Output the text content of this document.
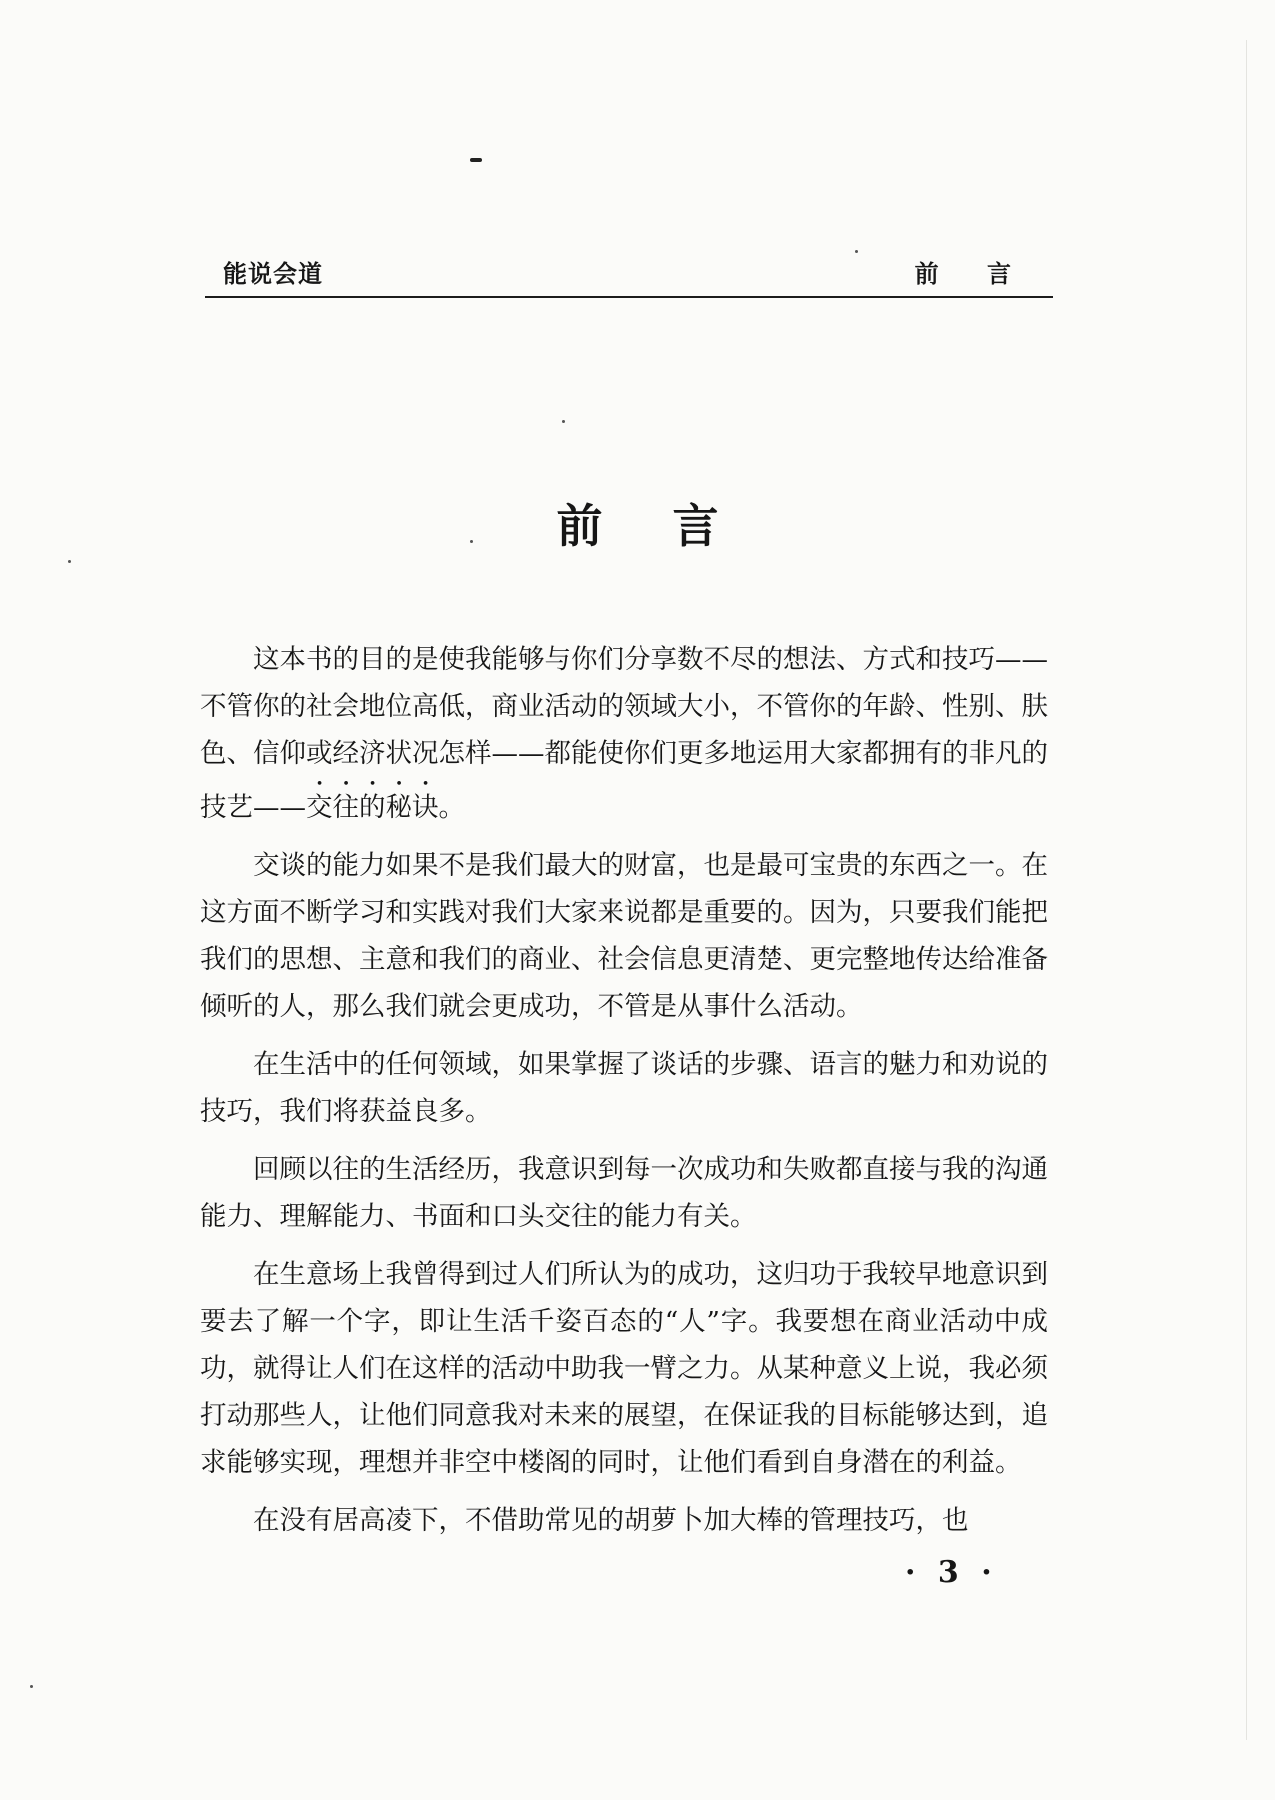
能说会道	前 言
前言

这本书的目的是使我能够与你们分享数不尽的想法、方式和技巧——不管你的社会地位高低，商业活动的领域大小，不管你的年龄、性别、肤色、信仰或经济状况怎样——都能使你们更多地运用大家都拥有的非凡的技艺——交往的秘诀。

交谈的能力如果不是我们最大的财富，也是最可宝贵的东西之一。在这方面不断学习和实践对我们大家来说都是重要的。因为，只要我们能把我们的思想、主意和我们的商业、社会信息更清楚、更完整地传达给准备倾听的人，那么我们就会更成功，不管是从事什么活动。

在生活中的任何领域，如果掌握了谈话的步骤、语言的魅力和劝说的技巧，我们将获益良多。

回顾以往的生活经历，我意识到每一次成功和失败都直接与我的沟通能力、理解能力、书面和口头交往的能力有关。

在生意场上我曾得到过人们所认为的成功，这归功于我较早地意识到要去了解一个字，即让生活千姿百态的“人”字。我要想在商业活动中成功，就得让人们在这样的活动中助我一臂之力。从某种意义上说，我必须打动那些人，让他们同意我对未来的展望，在保证我的目标能够达到，追求能够实现，理想并非空中楼阁的同时，让他们看到自身潜在的利益。

在没有居高凌下，不借助常见的胡萝卜加大棒的管理技巧，也

· 3 ·
